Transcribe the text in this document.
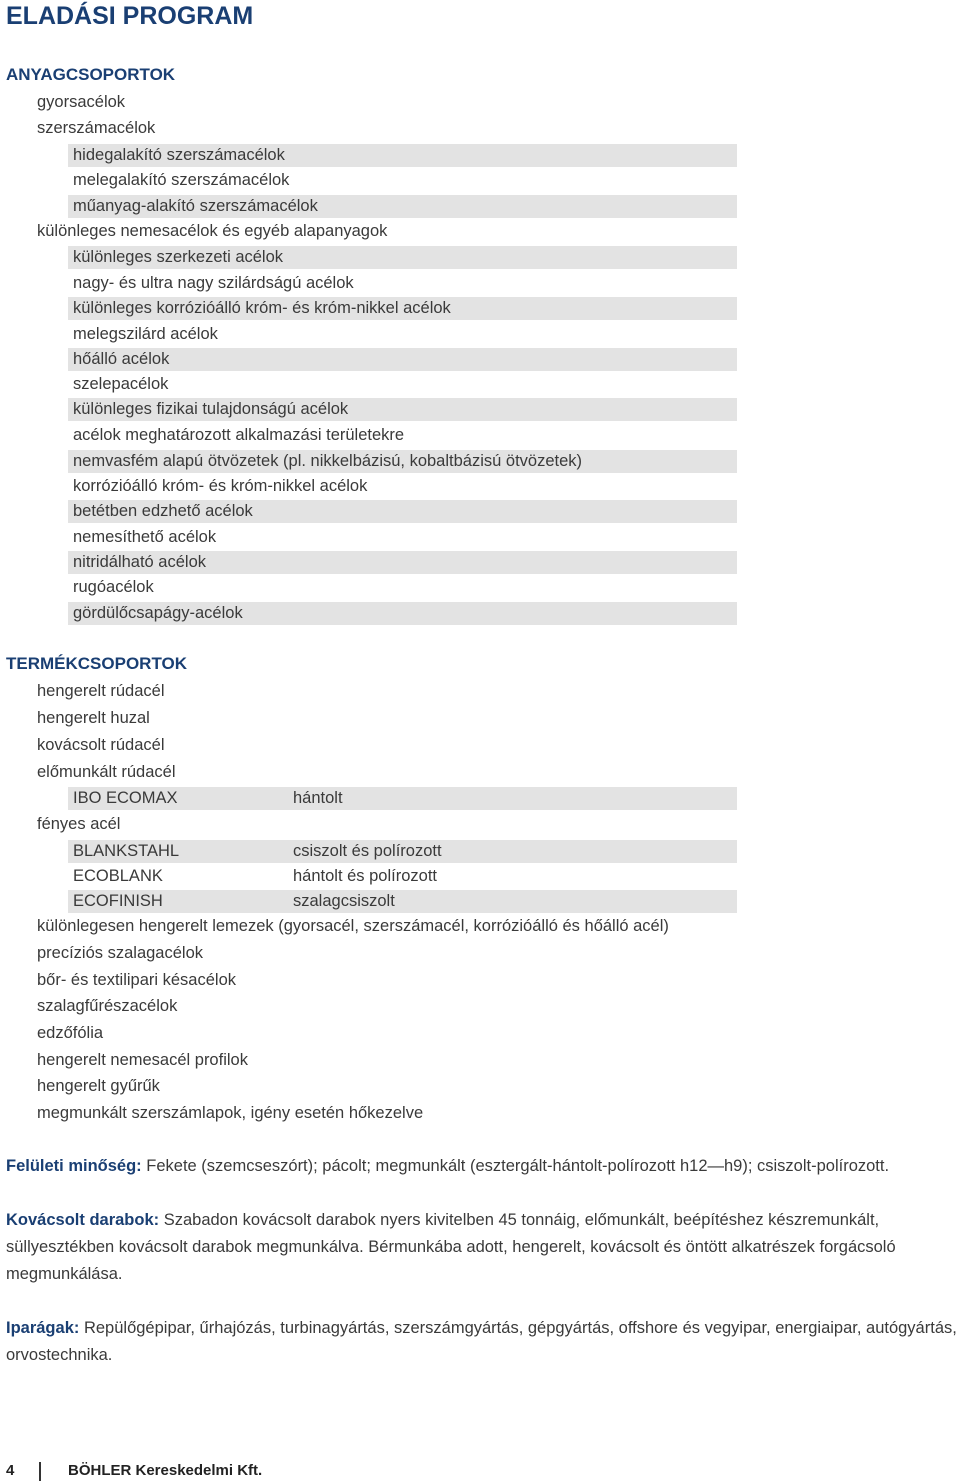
ELADÁSI PROGRAM
ANYAGCSOPORTOK
gyorsacélok
szerszámacélok
hidegalakító szerszámacélok
melegalakító szerszámacélok
műanyag-alakító szerszámacélok
különleges nemesacélok és egyéb alapanyagok
különleges szerkezeti acélok
nagy- és ultra nagy szilárdságú acélok
különleges korrózióálló króm- és króm-nikkel acélok
melegszilárd acélok
hőálló acélok
szelepacélok
különleges fizikai tulajdonságú acélok
acélok meghatározott alkalmazási területekre
nemvasfém alapú ötvözetek (pl. nikkelbázisú, kobaltbázisú ötvözetek)
korrózióálló króm- és króm-nikkel acélok
betétben edzhető acélok
nemesíthető acélok
nitridálható acélok
rugóacélok
gördülőcsapágy-acélok
TERMÉKCSOPORTOK
hengerelt rúdacél
hengerelt huzal
kovácsolt rúdacél
előmunkált rúdacél
IBO ECOMAX	hántolt
fényes acél
BLANKSTAHL	csiszolt és polírozott
ECOBLANK	hántolt és polírozott
ECOFINISH	szalagcsiszolt
különlegesen hengerelt lemezek (gyorsacél, szerszámacél, korrózióálló és hőálló acél)
precíziós szalagacélok
bőr- és textilipari késacélok
szalagfűrészacélok
edzőfólia
hengerelt nemesacél profilok
hengerelt gyűrűk
megmunkált szerszámlapok, igény esetén hőkezelve

Felületi minőség: Fekete (szemcseszórt); pácolt; megmunkált (esztergált-hántolt-polírozott h12—h9); csiszolt-polírozott.

Kovácsolt darabok: Szabadon kovácsolt darabok nyers kivitelben 45 tonnáig, előmunkált, beépítéshez készremunkált, süllyesztékben kovácsolt darabok megmunkálva. Bérmunkába adott, hengerelt, kovácsolt és öntött alkatrészek forgácsoló megmunkálása.

Iparágak: Repülőgépipar, űrhajózás, turbinagyártás, szerszámgyártás, gépgyártás, offshore és vegyipar, energiaipar, autógyártás, orvostechnika.

4	BÖHLER Kereskedelmi Kft.
